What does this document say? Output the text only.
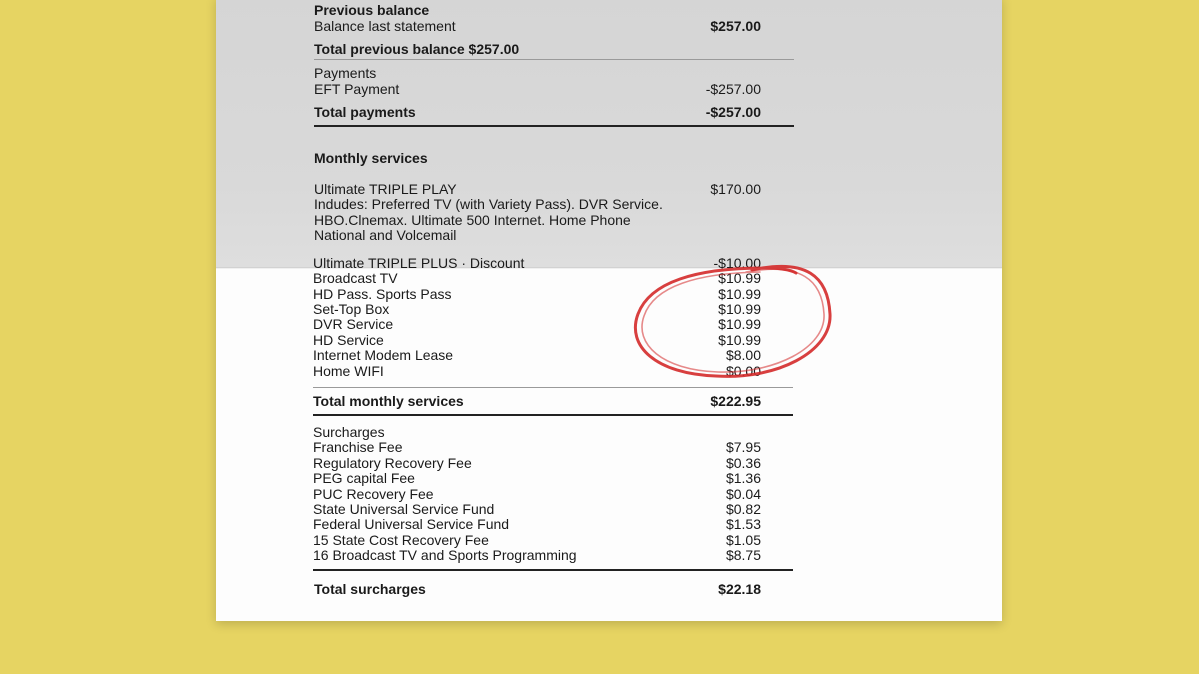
Previous balance
Balance last statement	$257.00
Total previous balance $257.00
Payments
EFT Payment	-$257.00
Total payments	-$257.00
Monthly services
Ultimate TRIPLE PLAY	$170.00
Indudes: Preferred TV (with Variety Pass). DVR Service.
HBO.Clnemax. Ultimate 500 Internet. Home Phone
National and Volcemail
Ultimate TRIPLE PLUS · Discount	-$10.00
Broadcast TV	$10.99
HD Pass. Sports Pass	$10.99
Set-Top Box	$10.99
DVR Service	$10.99
HD Service	$10.99
Internet Modem Lease	$8.00
Home WIFI	$0.00
Total monthly services	$222.95
Surcharges
Franchise Fee	$7.95
Regulatory Recovery Fee	$0.36
PEG capital Fee	$1.36
PUC Recovery Fee	$0.04
State Universal Service Fund	$0.82
Federal Universal Service Fund	$1.53
15 State Cost Recovery Fee	$1.05
16 Broadcast TV and Sports Programming	$8.75
Total surcharges	$22.18
